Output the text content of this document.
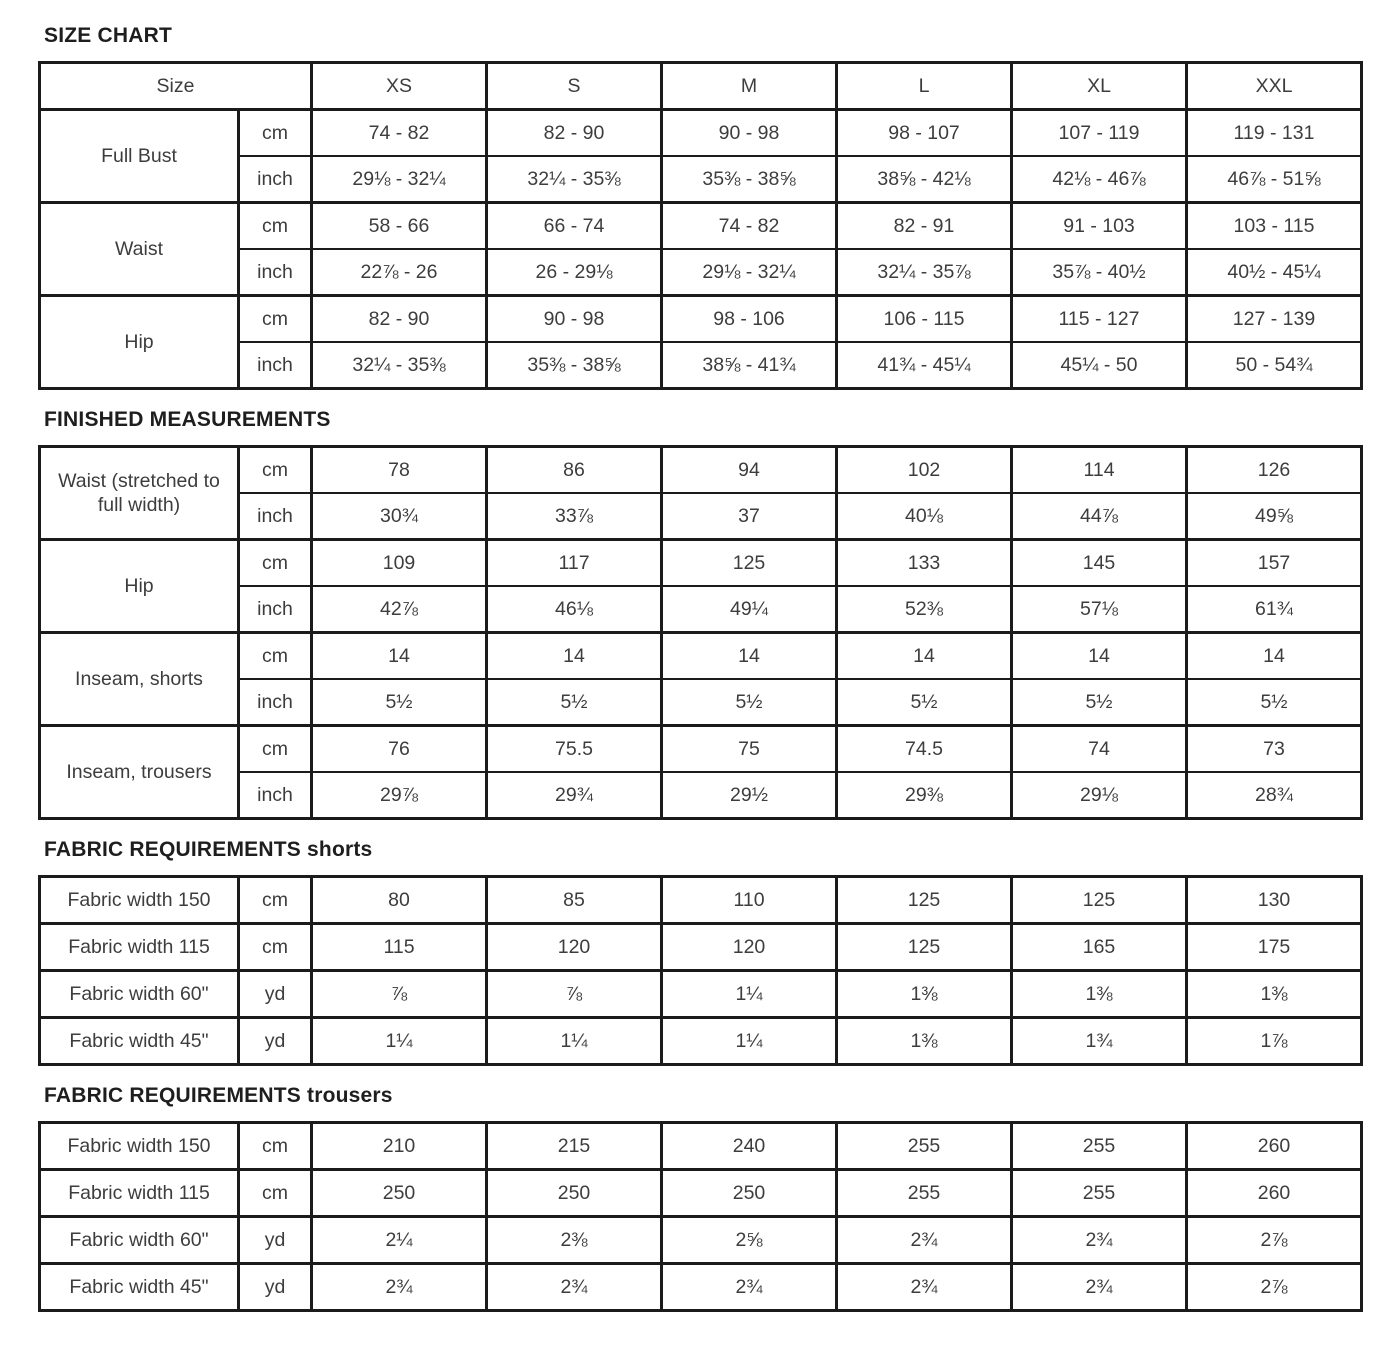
SIZE CHART
Size		XS	S	M	L	XL	XXL
Full Bust	cm	74 - 82	82 - 90	90 - 98	98 - 107	107 - 119	119 - 131
	inch	29⅛ - 32¼	32¼ - 35⅜	35⅜ - 38⅝	38⅝ - 42⅛	42⅛ - 46⅞	46⅞ - 51⅝
Waist	cm	58 - 66	66 - 74	74 - 82	82 - 91	91 - 103	103 - 115
	inch	22⅞ - 26	26 - 29⅛	29⅛ - 32¼	32¼ - 35⅞	35⅞ - 40½	40½ - 45¼
Hip	cm	82 - 90	90 - 98	98 - 106	106 - 115	115 - 127	127 - 139
	inch	32¼ - 35⅜	35⅜ - 38⅝	38⅝ - 41¾	41¾ - 45¼	45¼ - 50	50 - 54¾
FINISHED MEASUREMENTS
Waist (stretched to full width)	cm	78	86	94	102	114	126
	inch	30¾	33⅞	37	40⅛	44⅞	49⅝
Hip	cm	109	117	125	133	145	157
	inch	42⅞	46⅛	49¼	52⅜	57⅛	61¾
Inseam, shorts	cm	14	14	14	14	14	14
	inch	5½	5½	5½	5½	5½	5½
Inseam, trousers	cm	76	75.5	75	74.5	74	73
	inch	29⅞	29¾	29½	29⅜	29⅛	28¾
FABRIC REQUIREMENTS shorts
Fabric width 150	cm	80	85	110	125	125	130
Fabric width 115	cm	115	120	120	125	165	175
Fabric width 60"	yd	⅞	⅞	1¼	1⅜	1⅜	1⅜
Fabric width 45"	yd	1¼	1¼	1¼	1⅜	1¾	1⅞
FABRIC REQUIREMENTS trousers
Fabric width 150	cm	210	215	240	255	255	260
Fabric width 115	cm	250	250	250	255	255	260
Fabric width 60"	yd	2¼	2⅜	2⅝	2¾	2¾	2⅞
Fabric width 45"	yd	2¾	2¾	2¾	2¾	2¾	2⅞
